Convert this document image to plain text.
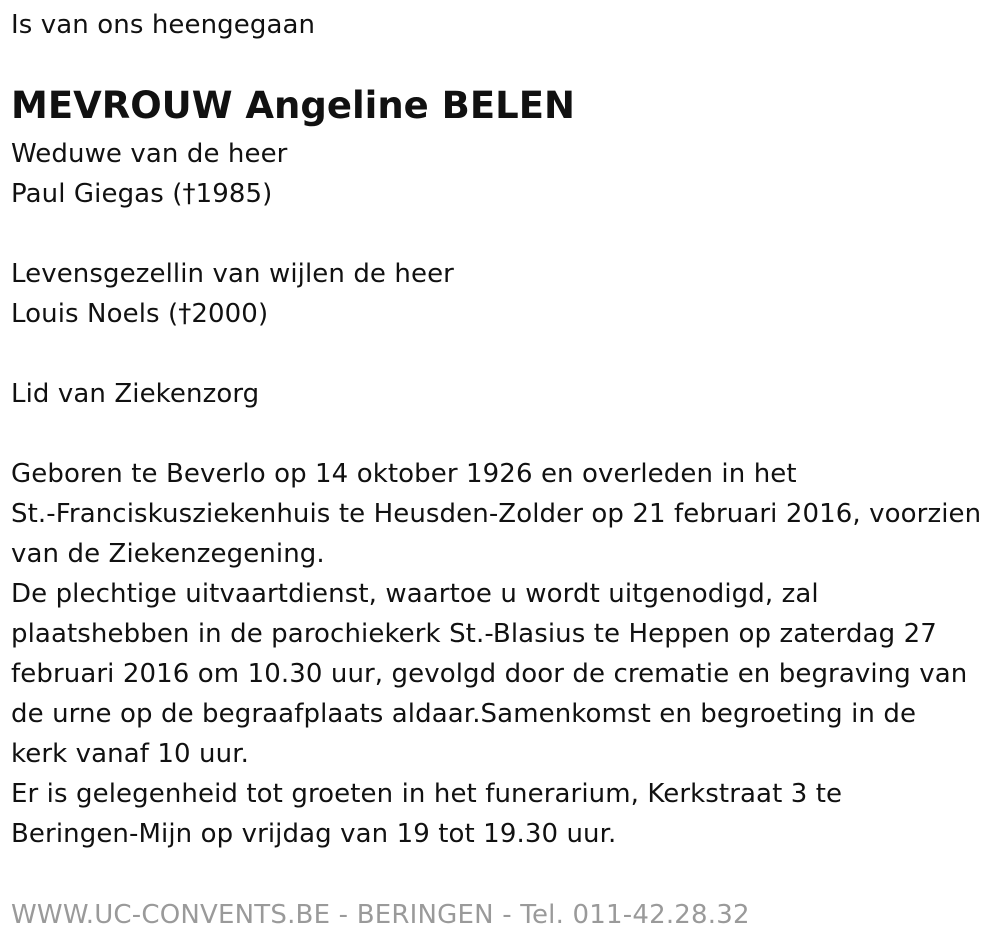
Is van ons heengegaan
MEVROUW Angeline BELEN
Weduwe van de heer
Paul Giegas (†1985)
Levensgezellin van wijlen de heer
Louis Noels (†2000)
Lid van Ziekenzorg
Geboren te Beverlo op 14 oktober 1926 en overleden in het
St.-Franciskusziekenhuis te Heusden-Zolder op 21 februari 2016, voorzien
van de Ziekenzegening.
De plechtige uitvaartdienst, waartoe u wordt uitgenodigd, zal
plaatshebben in de parochiekerk St.-Blasius te Heppen op zaterdag 27
februari 2016 om 10.30 uur, gevolgd door de crematie en begraving van
de urne op de begraafplaats aldaar.Samenkomst en begroeting in de
kerk vanaf 10 uur.
Er is gelegenheid tot groeten in het funerarium, Kerkstraat 3 te
Beringen-Mijn op vrijdag van 19 tot 19.30 uur.
WWW.UC-CONVENTS.BE - BERINGEN - Tel. 011-42.28.32
